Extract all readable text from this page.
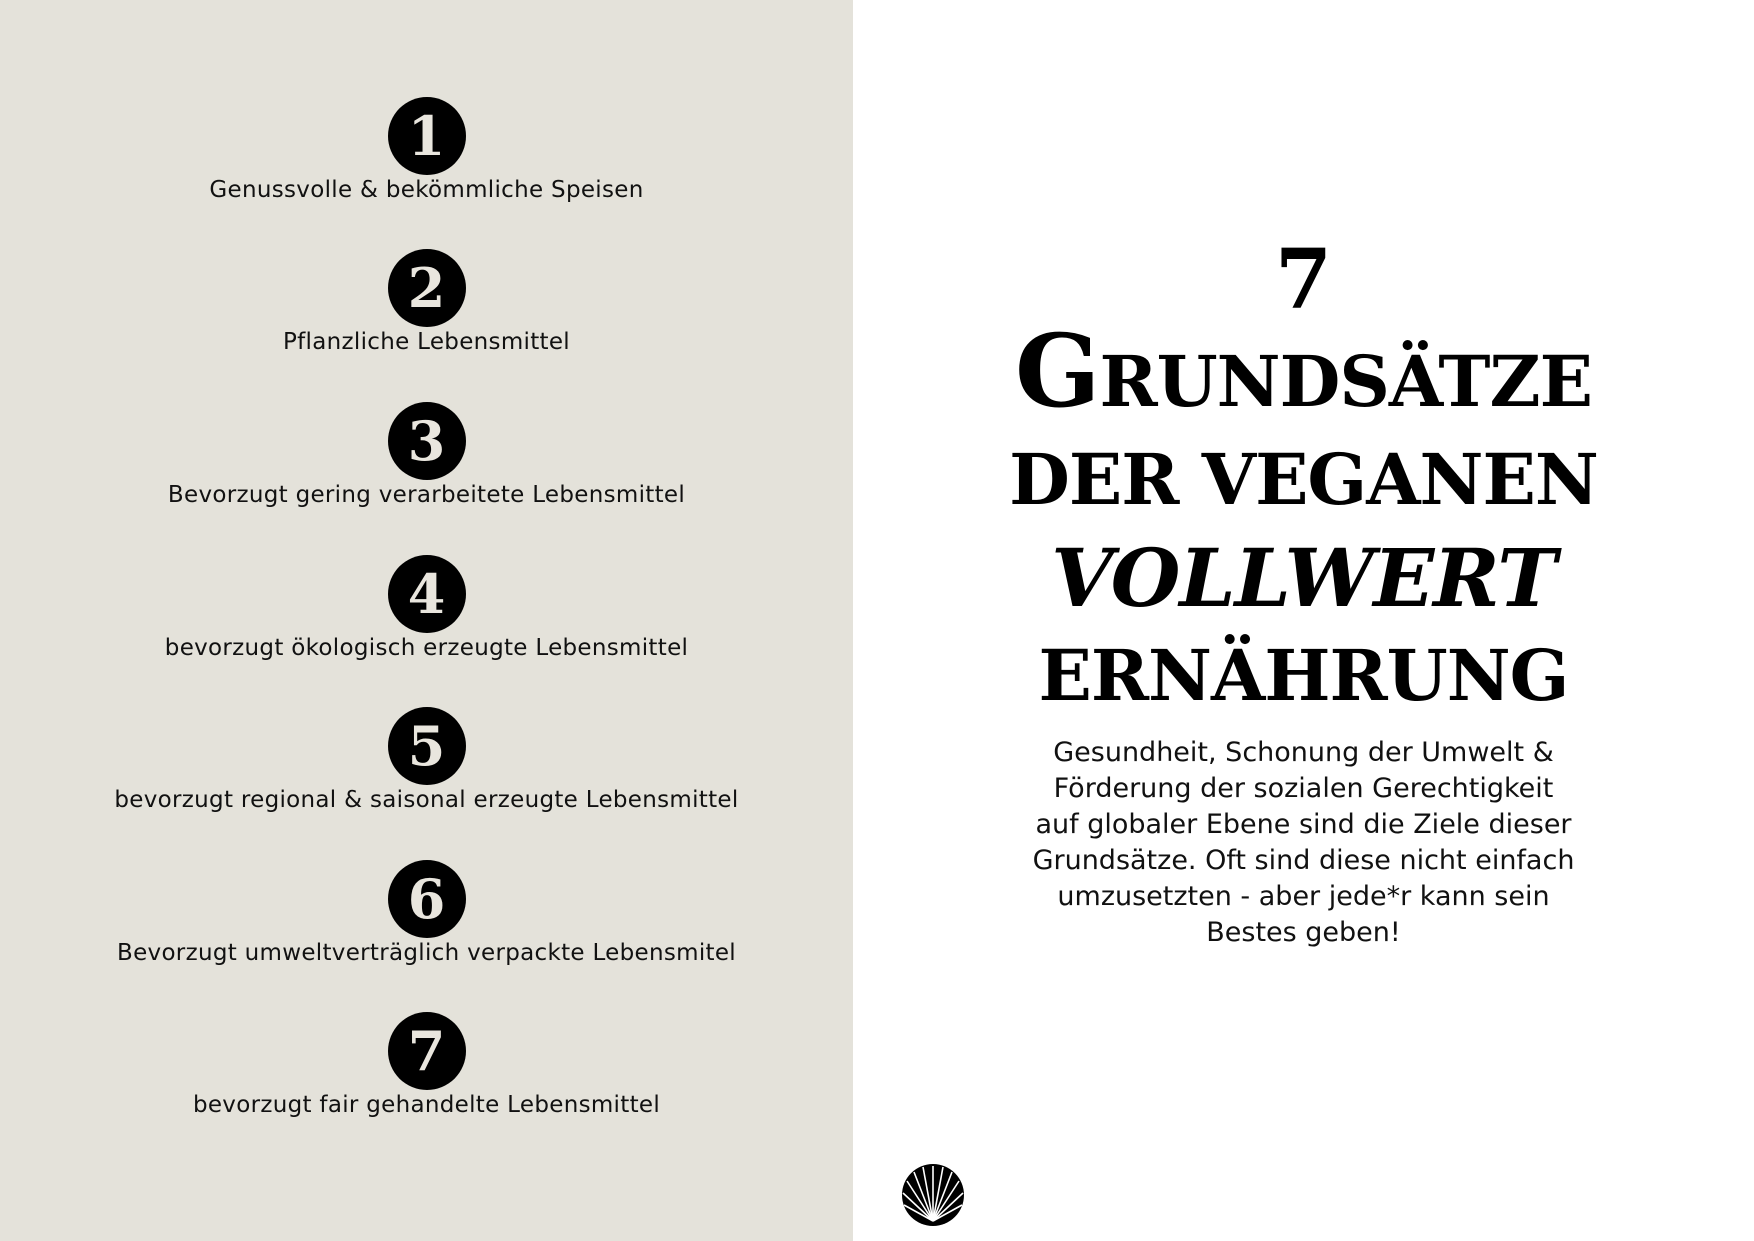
1
Genussvolle & bekömmliche Speisen
2
Pflanzliche Lebensmittel
3
Bevorzugt gering verarbeitete Lebensmittel
4
bevorzugt ökologisch erzeugte Lebensmittel
5
bevorzugt regional & saisonal erzeugte Lebensmittel
6
Bevorzugt umweltverträglich verpackte Lebensmitel
7
bevorzugt fair gehandelte Lebensmittel
7
GRUNDSÄTZE
DER VEGANEN
VOLLWERT
ERNÄHRUNG

Gesundheit, Schonung der Umwelt &

Förderung der sozialen Gerechtigkeit

auf globaler Ebene sind die Ziele dieser

Grundsätze. Oft sind diese nicht einfach

umzusetzten - aber jede*r kann sein

Bestes geben!
